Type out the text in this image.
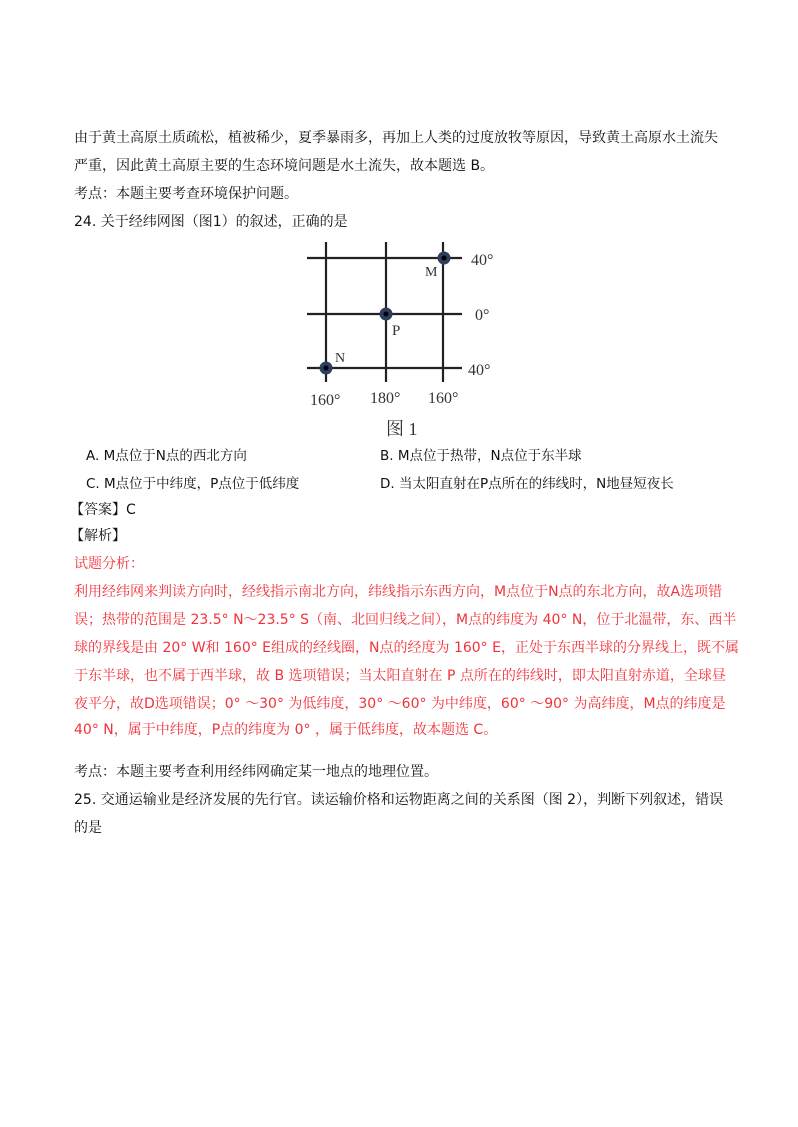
由于黄土高原土质疏松，植被稀少，夏季暴雨多，再加上人类的过度放牧等原因，导致黄土高原水土流失
严重，因此黄土高原主要的生态环境问题是水土流失，故本题选 B。
考点：本题主要考查环境保护问题。
24. 关于经纬网图（图1）的叙述，正确的是
M
P
N
40°
0°
40°
160° 180° 160°
图 1
A. M点位于N点的西北方向	B. M点位于热带，N点位于东半球
C. M点位于中纬度，P点位于低纬度	D. 当太阳直射在P点所在的纬线时，N地昼短夜长
【答案】C
【解析】
试题分析：
利用经纬网来判读方向时，经线指示南北方向，纬线指示东西方向，M点位于N点的东北方向，故A选项错
误；热带的范围是 23.5° N～23.5° S（南、北回归线之间），M点的纬度为 40° N，位于北温带，东、西半
球的界线是由 20° W和 160° E组成的经线圈，N点的经度为 160° E，正处于东西半球的分界线上，既不属
于东半球，也不属于西半球，故 B 选项错误；当太阳直射在 P 点所在的纬线时，即太阳直射赤道，全球昼
夜平分，故D选项错误；0° ～30° 为低纬度，30° ～60° 为中纬度，60° ～90° 为高纬度，M点的纬度是
40° N，属于中纬度，P点的纬度为 0° ，属于低纬度，故本题选 C。
考点：本题主要考查利用经纬网确定某一地点的地理位置。
25. 交通运输业是经济发展的先行官。读运输价格和运物距离之间的关系图（图 2），判断下列叙述，错误
的是
